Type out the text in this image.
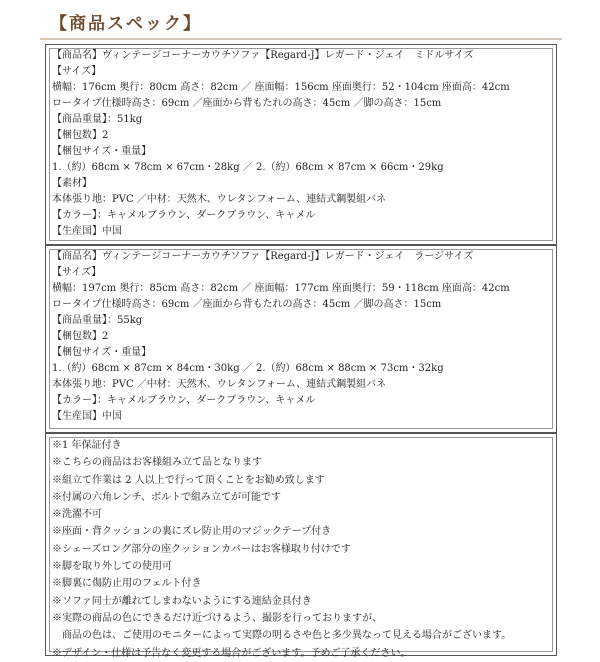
【商品スペック】
【商品名】ヴィンテージコーナーカウチソファ【Regard-J】レガード・ジェイ　ミドルサイズ
【サイズ】
横幅：176cm 奥行：80cm 高さ：82cm ／ 座面幅：156cm 座面奥行：52・104cm 座面高：42cm
ロータイプ仕様時高さ：69cm ／座面から背もたれの高さ：45cm ／脚の高さ：15cm
【商品重量】：51kg
【梱包数】2
【梱包サイズ・重量】
1.（約）68cm × 78cm × 67cm・28kg ／ 2.（約）68cm × 87cm × 66cm・29kg
【素材】
本体張り地：PVC ／中材：天然木、ウレタンフォーム、連結式鋼製組バネ
【カラー】：キャメルブラウン、ダークブラウン、キャメル
【生産国】中国
【商品名】ヴィンテージコーナーカウチソファ【Regard-J】レガード・ジェイ　ラージサイズ
【サイズ】
横幅：197cm 奥行：85cm 高さ：82cm ／ 座面幅：177cm 座面奥行：59・118cm 座面高：42cm
ロータイプ仕様時高さ：69cm ／座面から背もたれの高さ：45cm ／脚の高さ：15cm
【商品重量】：55kg
【梱包数】2
【梱包サイズ・重量】
1.（約）68cm × 87cm × 84cm・30kg ／ 2.（約）68cm × 88cm × 73cm・32kg
本体張り地：PVC ／中材：天然木、ウレタンフォーム、連結式鋼製組バネ
【カラー】：キャメルブラウン、ダークブラウン、キャメル
【生産国】中国
※1 年保証付き
※こちらの商品はお客様組み立て品となります
※組立て作業は 2 人以上で行って頂くことをお勧め致します
※付属の六角レンチ、ボルトで組み立てが可能です
※洗濯不可
※座面・背クッションの裏にズレ防止用のマジックテープ付き
※シェーズロング部分の座クッションカバーはお客様取り付けです
※脚を取り外しての使用可
※脚裏に傷防止用のフェルト付き
※ソファ同士が離れてしまわないようにする連結金具付き
※実際の商品の色にできるだけ近づけるよう、撮影を行っておりますが、
　商品の色は、ご使用のモニターによって実際の明るさや色と多少異なって見える場合がございます。
※デザイン・仕様は予告なく変更する場合がございます。予めご了承ください。
